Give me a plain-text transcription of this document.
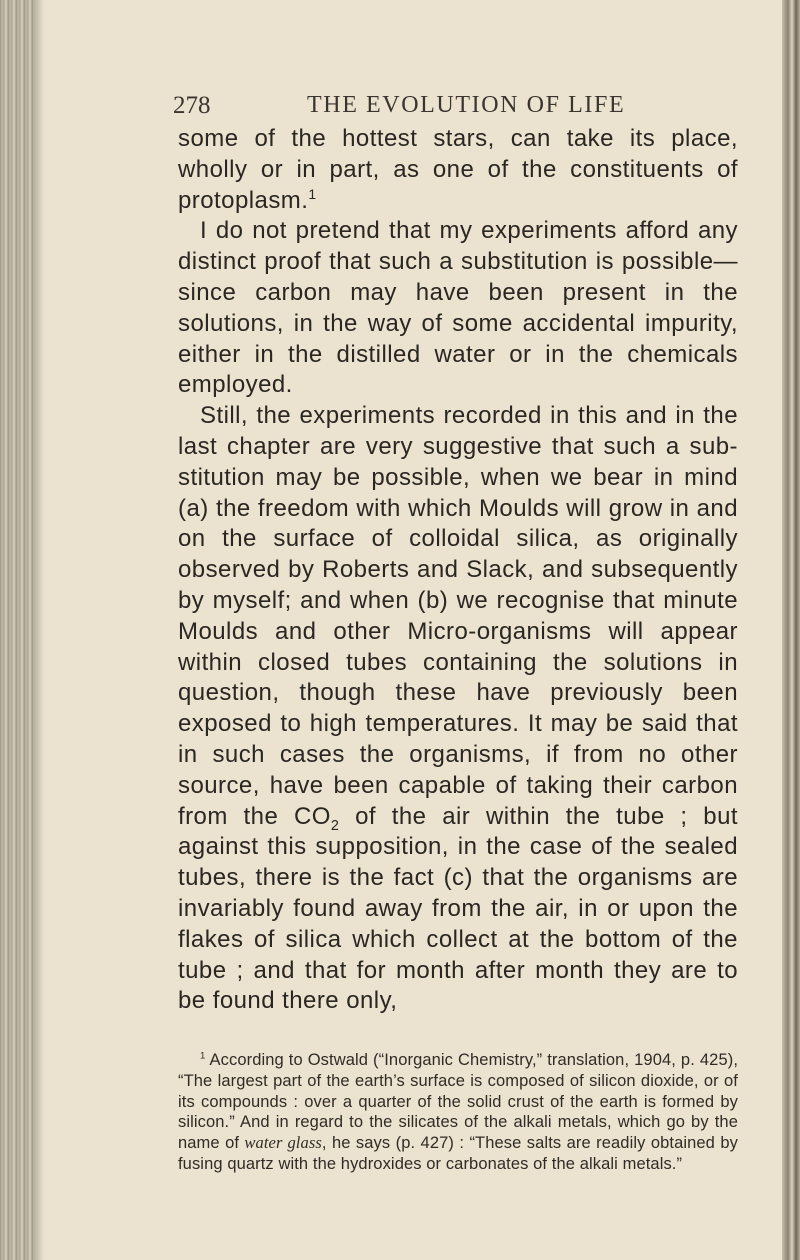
278	THE EVOLUTION OF LIFE

some of the hottest stars, can take its place, wholly or in part, as one of the constituents of protoplasm.$^1$

I do not pretend that my experiments afford any distinct proof that such a substitution is possible— since carbon may have been present in the solutions, in the way of some accidental impurity, either in the distilled water or in the chemicals employed.

Still, the experiments recorded in this and in the last chapter are very suggestive that such a sub- stitution may be possible, when we bear in mind (a) the freedom with which Moulds will grow in and on the surface of colloidal silica, as originally observed by Roberts and Slack, and subsequently by myself; and when (b) we recognise that minute Moulds and other Micro-organisms will appear within closed tubes containing the solutions in question, though these have previously been exposed to high temperatures. It may be said that in such cases the organisms, if from no other source, have been capable of taking their carbon from the $CO_2$ of the air within the tube ; but against this supposition, in the case of the sealed tubes, there is the fact (c) that the organisms are invariably found away from the air, in or upon the flakes of silica which collect at the bottom of the tube ; and that for month after month they are to be found there only,

$^1$ According to Ostwald (“Inorganic Chemistry,” translation, 1904, p. 425), “The largest part of the earth’s surface is composed of silicon dioxide, or of its compounds : over a quarter of the solid crust of the earth is formed by silicon.” And in regard to the silicates of the alkali metals, which go by the name of water glass, he says (p. 427) : “These salts are readily obtained by fusing quartz with the hydroxides or carbonates of the alkali metals.”
